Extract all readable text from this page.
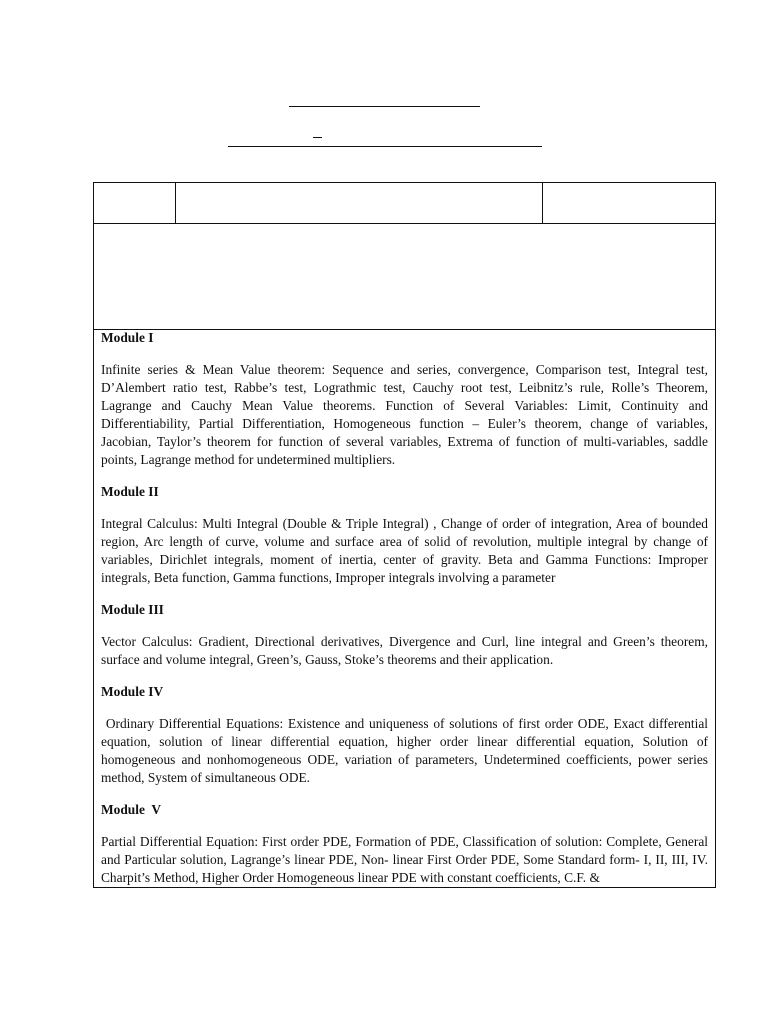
Module I

Infinite series & Mean Value theorem: Sequence and series, convergence, Comparison test, Integral test, D’Alembert ratio test, Rabbe’s test, Lograthmic test, Cauchy root test, Leibnitz’s rule, Rolle’s Theorem, Lagrange and Cauchy Mean Value theorems. Function of Several Variables: Limit, Continuity and Differentiability, Partial Differentiation, Homogeneous function – Euler’s theorem, change of variables, Jacobian, Taylor’s theorem for function of several variables, Extrema of function of multi-variables, saddle points, Lagrange method for undetermined multipliers.

Module II

Integral Calculus: Multi Integral (Double & Triple Integral) , Change of order of integration, Area of bounded region, Arc length of curve, volume and surface area of solid of revolution, multiple integral by change of variables, Dirichlet integrals, moment of inertia, center of gravity. Beta and Gamma Functions: Improper integrals, Beta function, Gamma functions, Improper integrals involving a parameter

Module III

Vector Calculus: Gradient, Directional derivatives, Divergence and Curl, line integral and Green’s theorem, surface and volume integral, Green’s, Gauss, Stoke’s theorems and their application.

Module IV

Ordinary Differential Equations: Existence and uniqueness of solutions of first order ODE, Exact differential equation, solution of linear differential equation, higher order linear differential equation, Solution of homogeneous and nonhomogeneous ODE, variation of parameters, Undetermined coefficients, power series method, System of simultaneous ODE.

Module  V

Partial Differential Equation: First order PDE, Formation of PDE, Classification of solution: Complete, General and Particular solution, Lagrange’s linear PDE, Non- linear First Order PDE, Some Standard form- I, II, III, IV. Charpit’s Method, Higher Order Homogeneous linear PDE with constant coefficients, C.F. &
